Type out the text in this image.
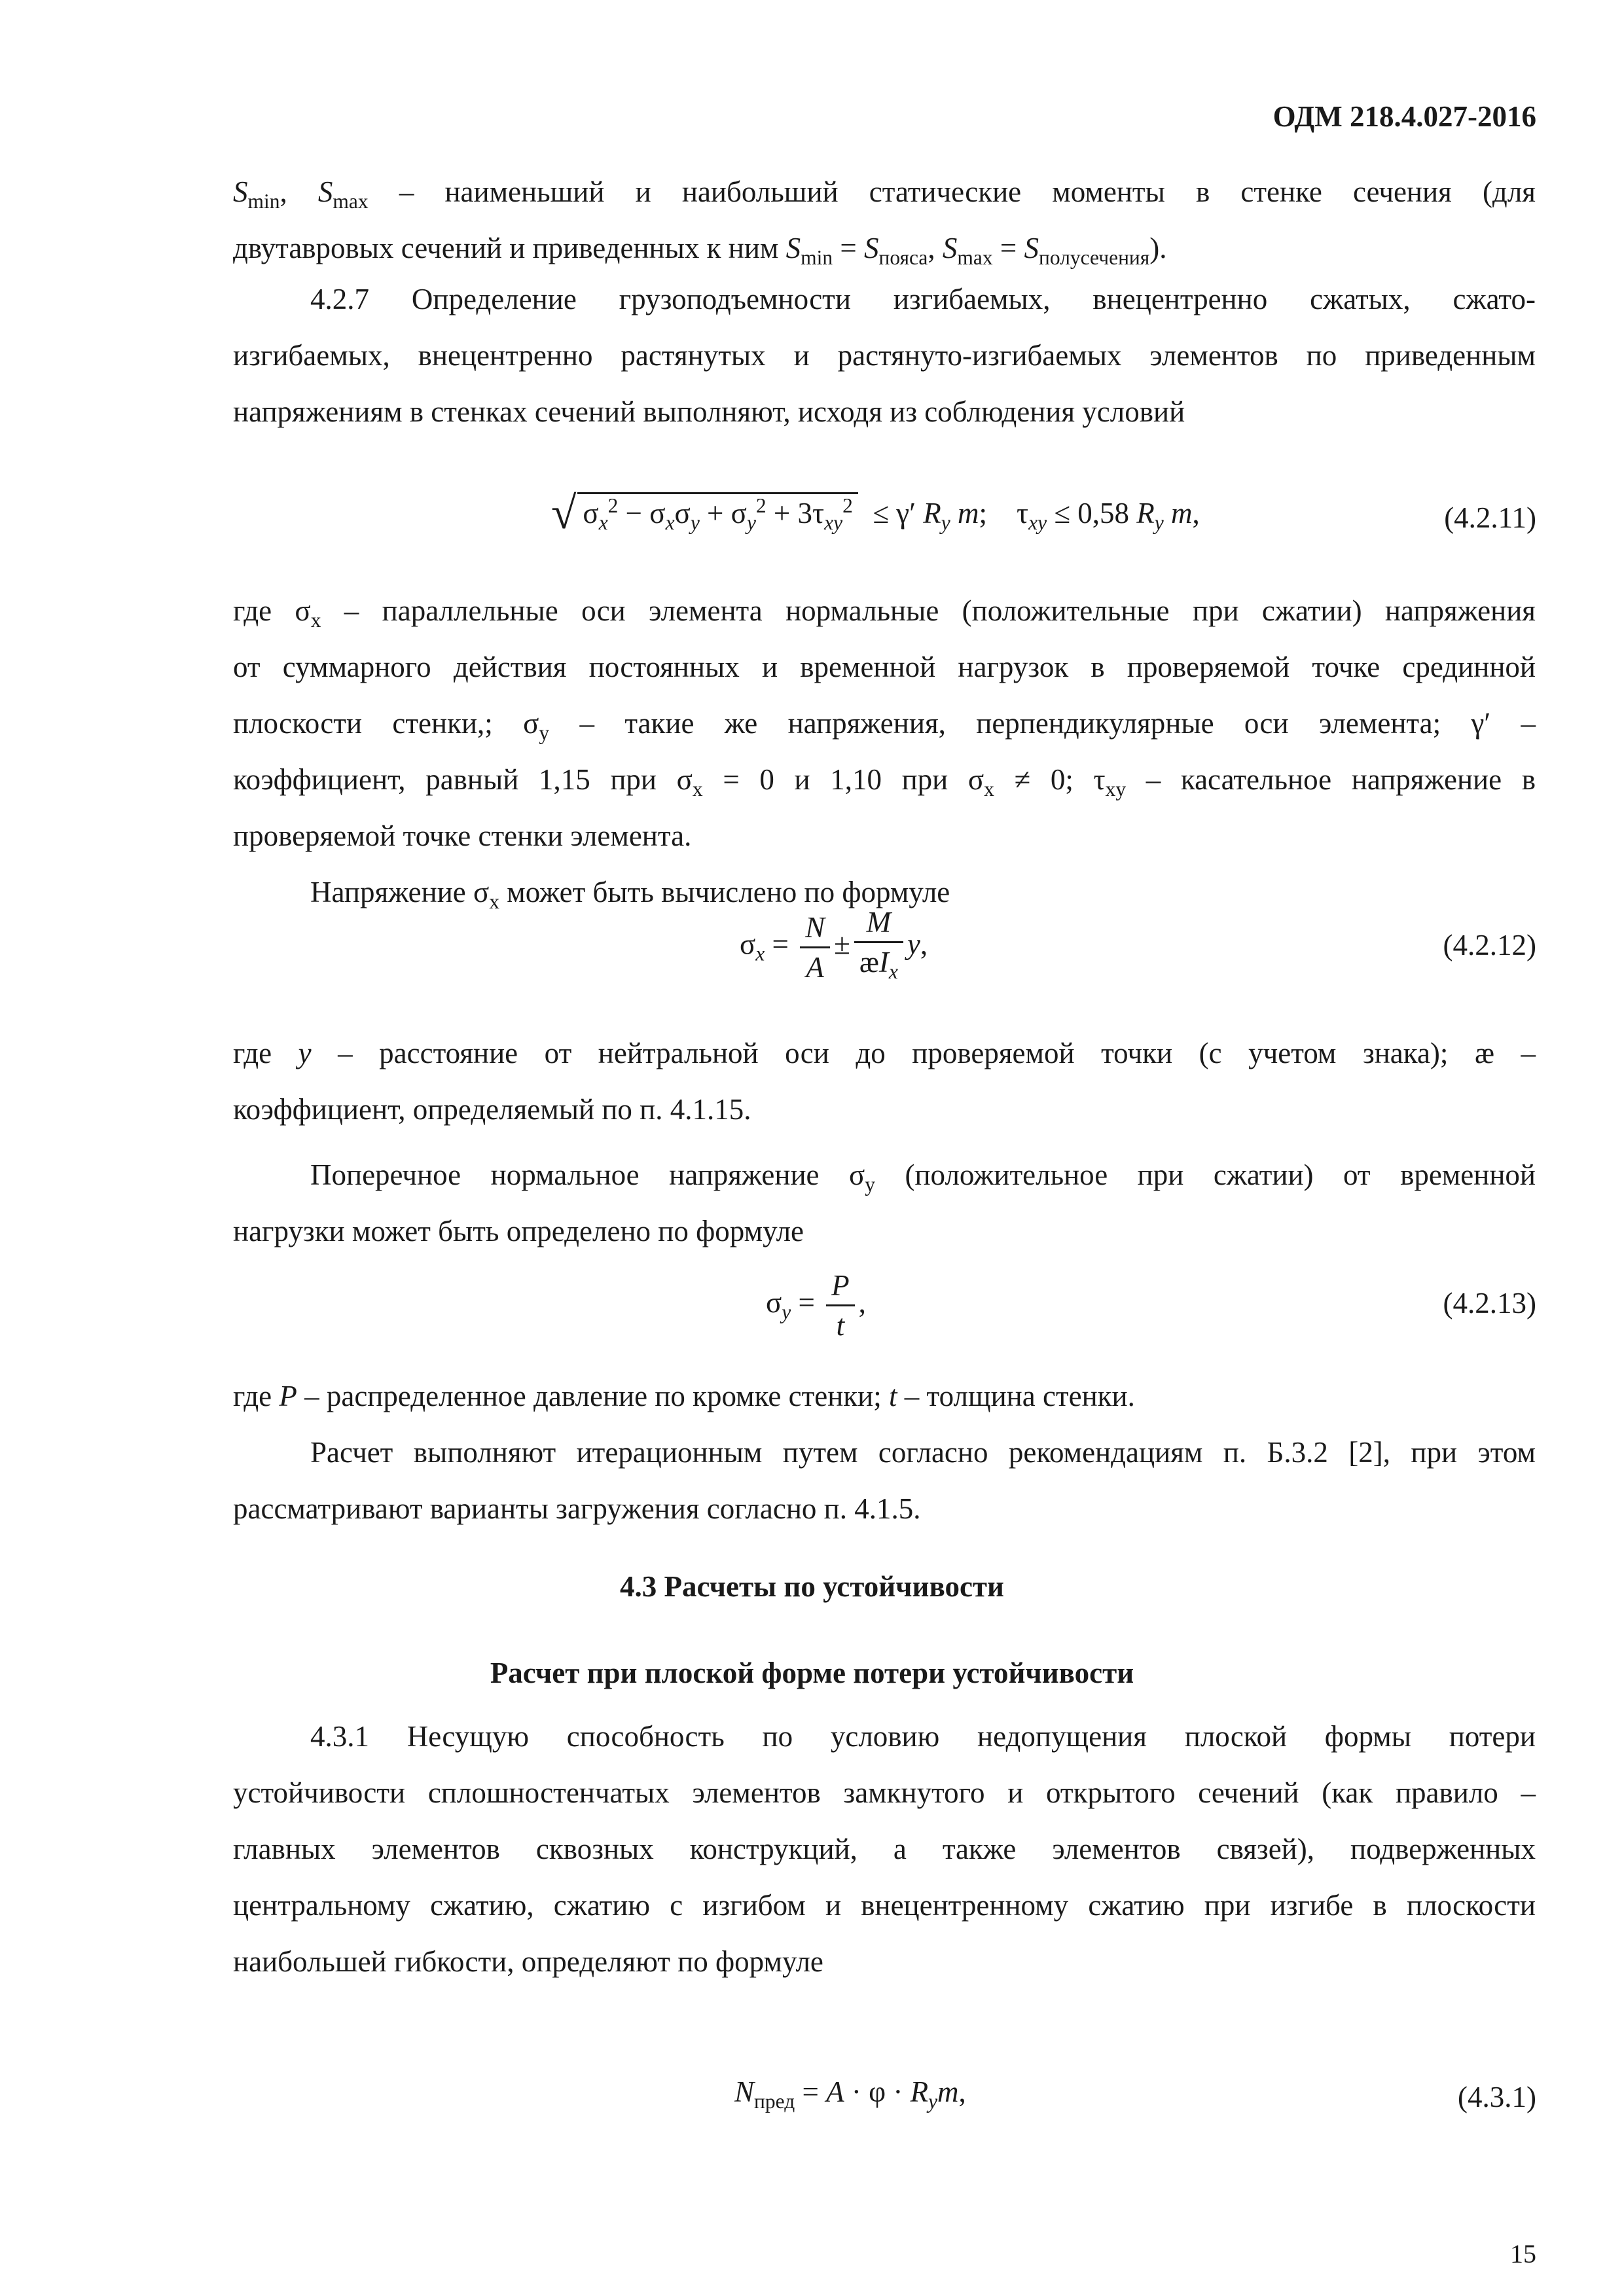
ОДМ 218.4.027-2016
$S_{min}$, $S_{max}$ – наименьший и наибольший статические моменты в стенке сечения (для
двутавровых сечений и приведенных к ним $S_{min} = S_{пояса}$, $S_{max} = S_{полусечения}$).
4.2.7 Определение грузоподъемности изгибаемых, внецентренно сжатых, сжато-
изгибаемых, внецентренно растянутых и растянуто-изгибаемых элементов по приведенным
напряжениям в стенках сечений выполняют, исходя из соблюдения условий
√ $\sigma_x^2 - \sigma_x\sigma_y + \sigma_y^2 + 3\tau_{xy}^2 \le \gamma'$ $R_y$ m;    $\tau_{xy} \le 0,58$ $R_y$ m,	(4.2.11)
где $\sigma_x$ – параллельные оси элемента нормальные (положительные при сжатии) напряжения
от суммарного действия постоянных и временной нагрузок в проверяемой точке срединной
плоскости стенки,; $\sigma_y$ – такие же напряжения, перпендикулярные оси элемента; γ′ –
коэффициент, равный 1,15 при $\sigma_x = 0$ и 1,10 при $\sigma_x \ne 0$; $\tau_{xy}$ – касательное напряжение в
проверяемой точке стенки элемента.
Напряжение $\sigma_x$ может быть вычислено по формуле
$\sigma_x = \frac{N}{A} \pm \frac{M}{æI_x} y$,	(4.2.12)
где y – расстояние от нейтральной оси до проверяемой точки (с учетом знака); æ –
коэффициент, определяемый по п. 4.1.15.
Поперечное нормальное напряжение $\sigma_y$ (положительное при сжатии) от временной
нагрузки может быть определено по формуле
$\sigma_y = \frac{P}{t}$ ,	(4.2.13)
где P – распределенное давление по кромке стенки; t – толщина стенки.
Расчет выполняют итерационным путем согласно рекомендациям п. Б.3.2 [2], при этом
рассматривают варианты загружения согласно п. 4.1.5.
4.3 Расчеты по устойчивости
Расчет при плоской форме потери устойчивости
4.3.1 Несущую способность по условию недопущения плоской формы потери
устойчивости сплошностенчатых элементов замкнутого и открытого сечений (как правило –
главных элементов сквозных конструкций, а также элементов связей), подверженных
центральному сжатию, сжатию с изгибом и внецентренному сжатию при изгибе в плоскости
наибольшей гибкости, определяют по формуле
$N_{пред} = A \cdot \varphi \cdot R_ym$,	(4.3.1)
15
